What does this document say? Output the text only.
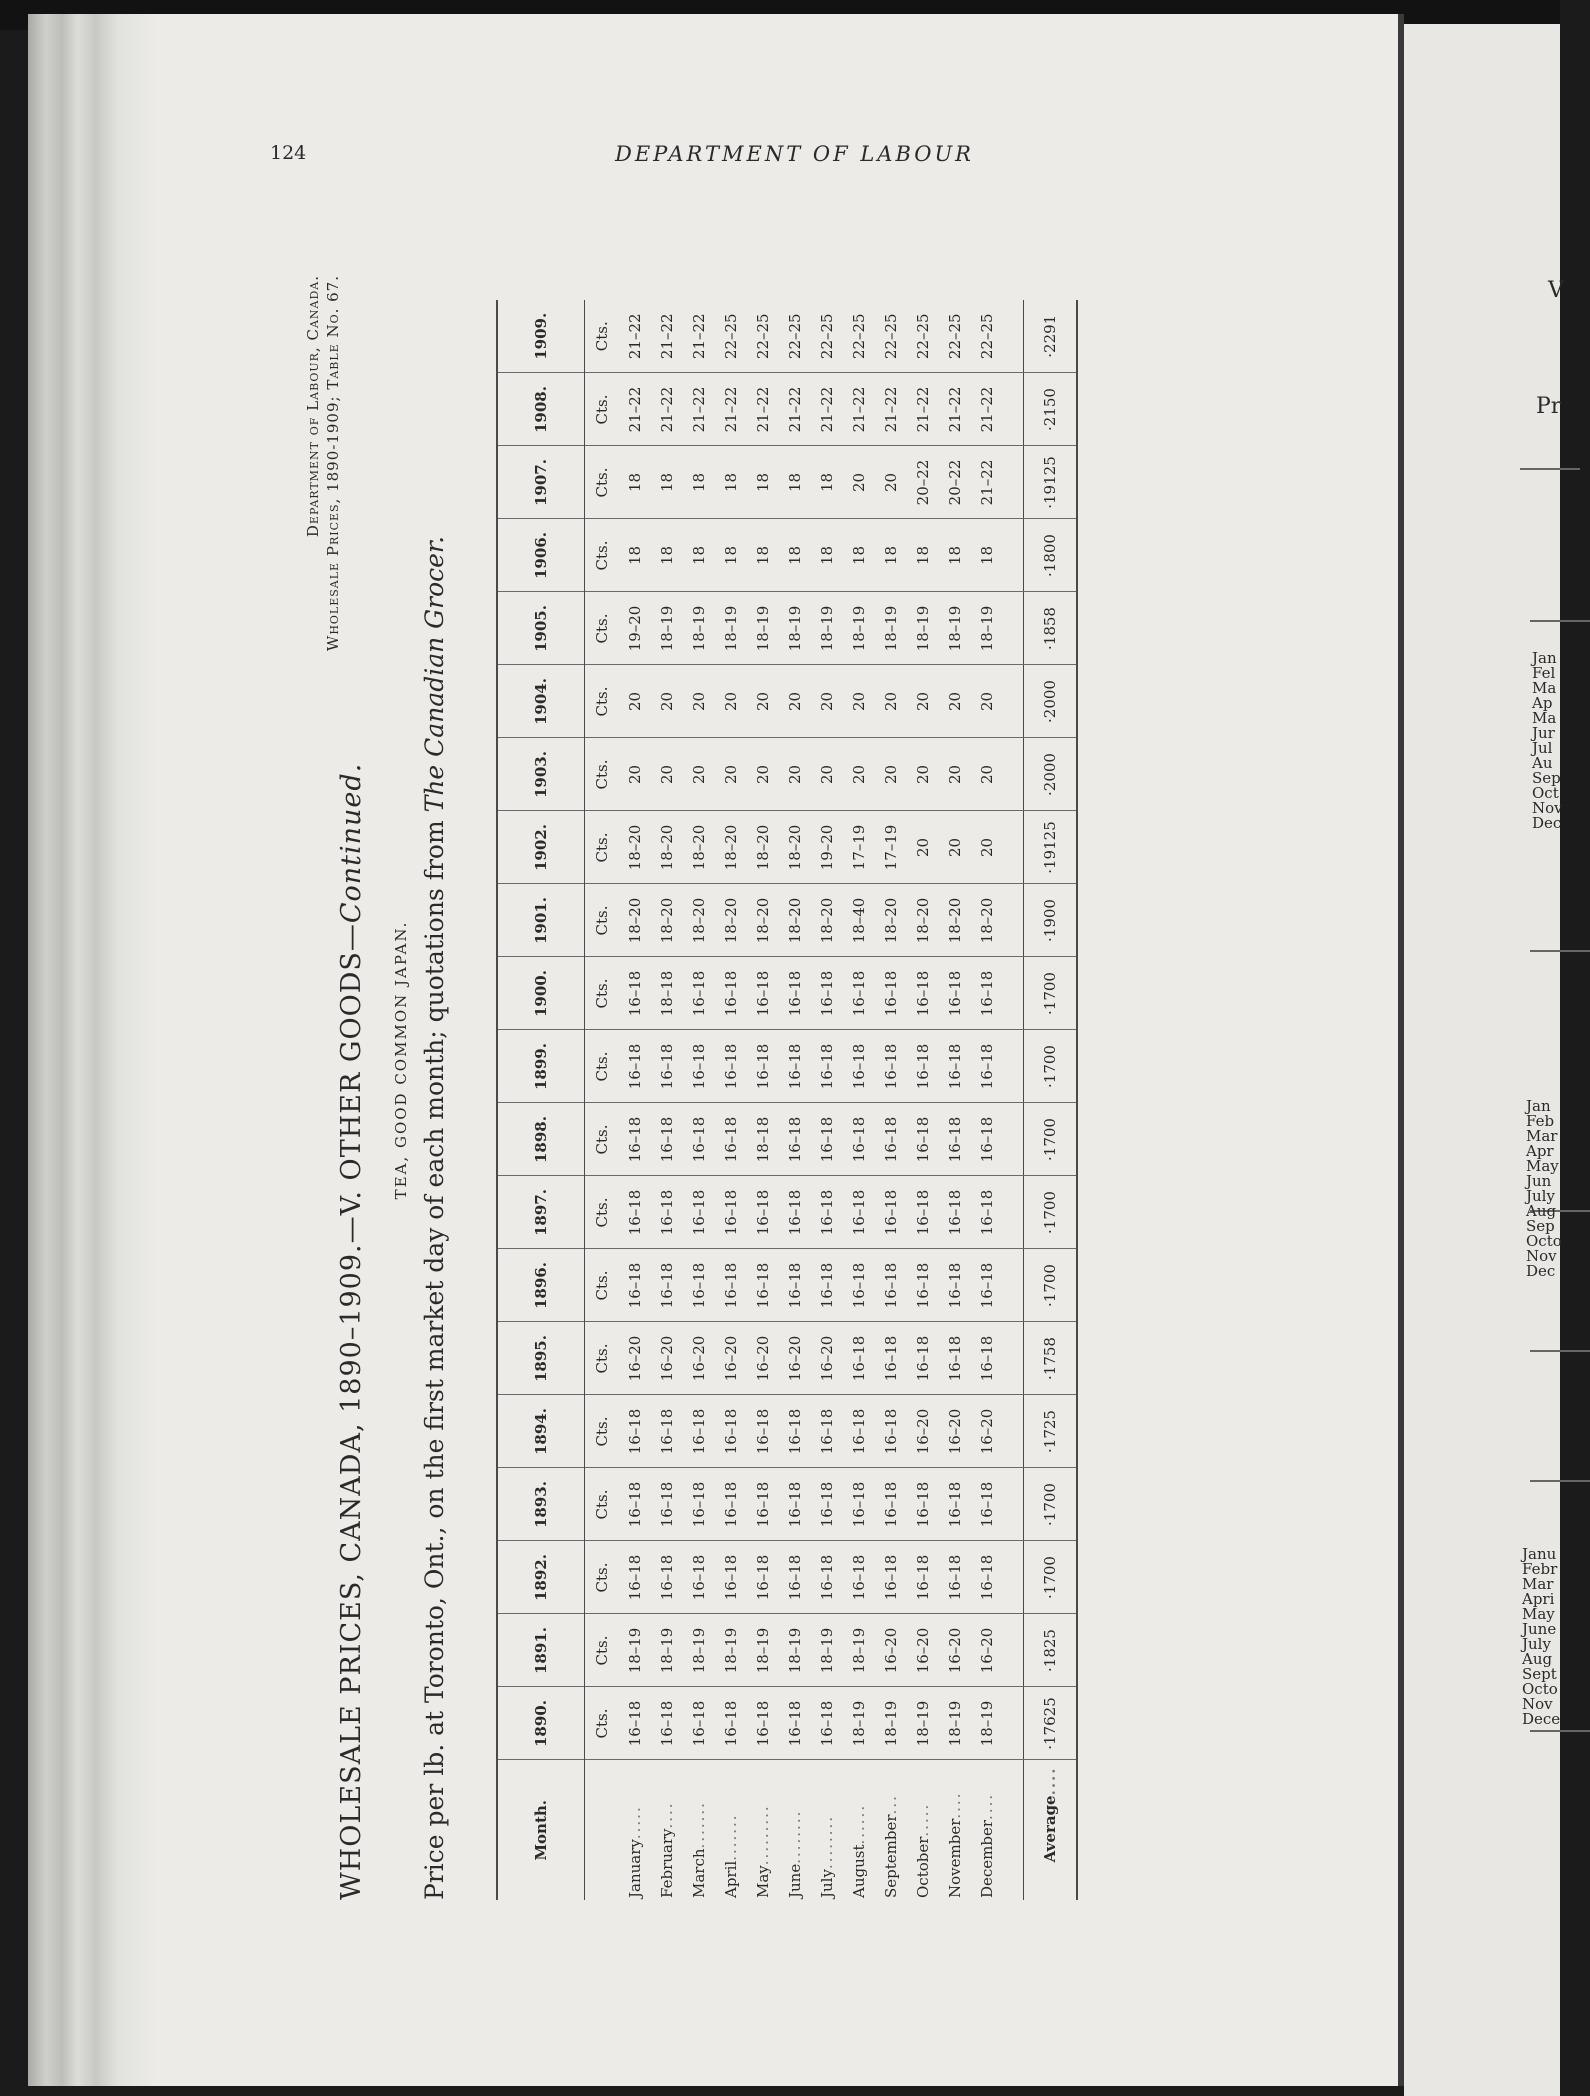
124	DEPARTMENT OF LABOUR
Department of Labour, Canada. Wholesale Prices, 1890-1909; Table No. 67.
WHOLESALE PRICES, CANADA, 1890–1909.—V. OTHER GOODS—Continued.
TEA, GOOD COMMON JAPAN. Price per lb. at Toronto, Ont., on the first market day of each month; quotations from The Canadian Grocer.
Month.	1890.	1891.	1892.	1893.	1894.	1895.	1896.	1897.	1898.	1899.	1900.	1901.	1902.	1903.	1904.	1905.	1906.	1907.	1908.	1909.
	Cts.	Cts.	Cts.	Cts.	Cts.	Cts.	Cts.	Cts.	Cts.	Cts.	Cts.	Cts.	Cts.	Cts.	Cts.	Cts.	Cts.	Cts.	Cts.	Cts.
January.....	16–18	18–19	16–18	16–18	16–18	16–20	16–18	16–18	16–18	16–18	16–18	18–20	18–20	20	20	19–20	18	18	21–22	21–22
February....	16–18	18–19	16–18	16–18	16–18	16–20	16–18	16–18	16–18	16–18	18–18	18–20	18–20	20	20	18–19	18	18	21–22	21–22
March.......	16–18	18–19	16–18	16–18	16–18	16–20	16–18	16–18	16–18	16–18	16–18	18–20	18–20	20	20	18–19	18	18	21–22	21–22
April.......	16–18	18–19	16–18	16–18	16–18	16–20	16–18	16–18	16–18	16–18	16–18	18–20	18–20	20	20	18–19	18	18	21–22	22–25
May.........	16–18	18–19	16–18	16–18	16–18	16–20	16–18	16–18	18–18	16–18	16–18	18–20	18–20	20	20	18–19	18	18	21–22	22–25
June........	16–18	18–19	16–18	16–18	16–18	16–20	16–18	16–18	16–18	16–18	16–18	18–20	18–20	20	20	18–19	18	18	21–22	22–25
July........	16–18	18–19	16–18	16–18	16–18	16–20	16–18	16–18	16–18	16–18	16–18	18–20	19–20	20	20	18–19	18	18	21–22	22–25
August......	18–19	18–19	16–18	16–18	16–18	16–18	16–18	16–18	16–18	16–18	16–18	18–40	17–19	20	20	18–19	18	20	21–22	22–25
September...	18–19	16–20	16–18	16–18	16–18	16–18	16–18	16–18	16–18	16–18	16–18	18–20	17–19	20	20	18–19	18	20	21–22	22–25
October.....	18–19	16–20	16–18	16–18	16–20	16–18	16–18	16–18	16–18	16–18	16–18	18–20	20	20	20	18–19	18	20–22	21–22	22–25
November....	18–19	16–20	16–18	16–18	16–20	16–18	16–18	16–18	16–18	16–18	16–18	18–20	20	20	20	18–19	18	20–22	21–22	22–25
December....	18–19	16–20	16–18	16–18	16–20	16–18	16–18	16–18	16–18	16–18	16–18	18–20	20	20	20	18–19	18	21–22	21–22	22–25

Average....	·17625	·1825	·1700	·1700	·1725	·1758	·1700	·1700	·1700	·1700	·1700	·1900	·19125	·2000	·2000	·1858	·1800	·19125	·2150	·2291
V
Pr
Jan
Fel
Ma
Ap
Ma
Jur
Jul
Au
Sep
Oct
Nov
Dec
Jan
Feb
Mar
Apr
May
Jun
July
Aug
Sep
Octo
Nov
Dec
Janu
Febr
Mar
Apri
May
June
July
Aug
Sept
Octo
Nov
Dece
